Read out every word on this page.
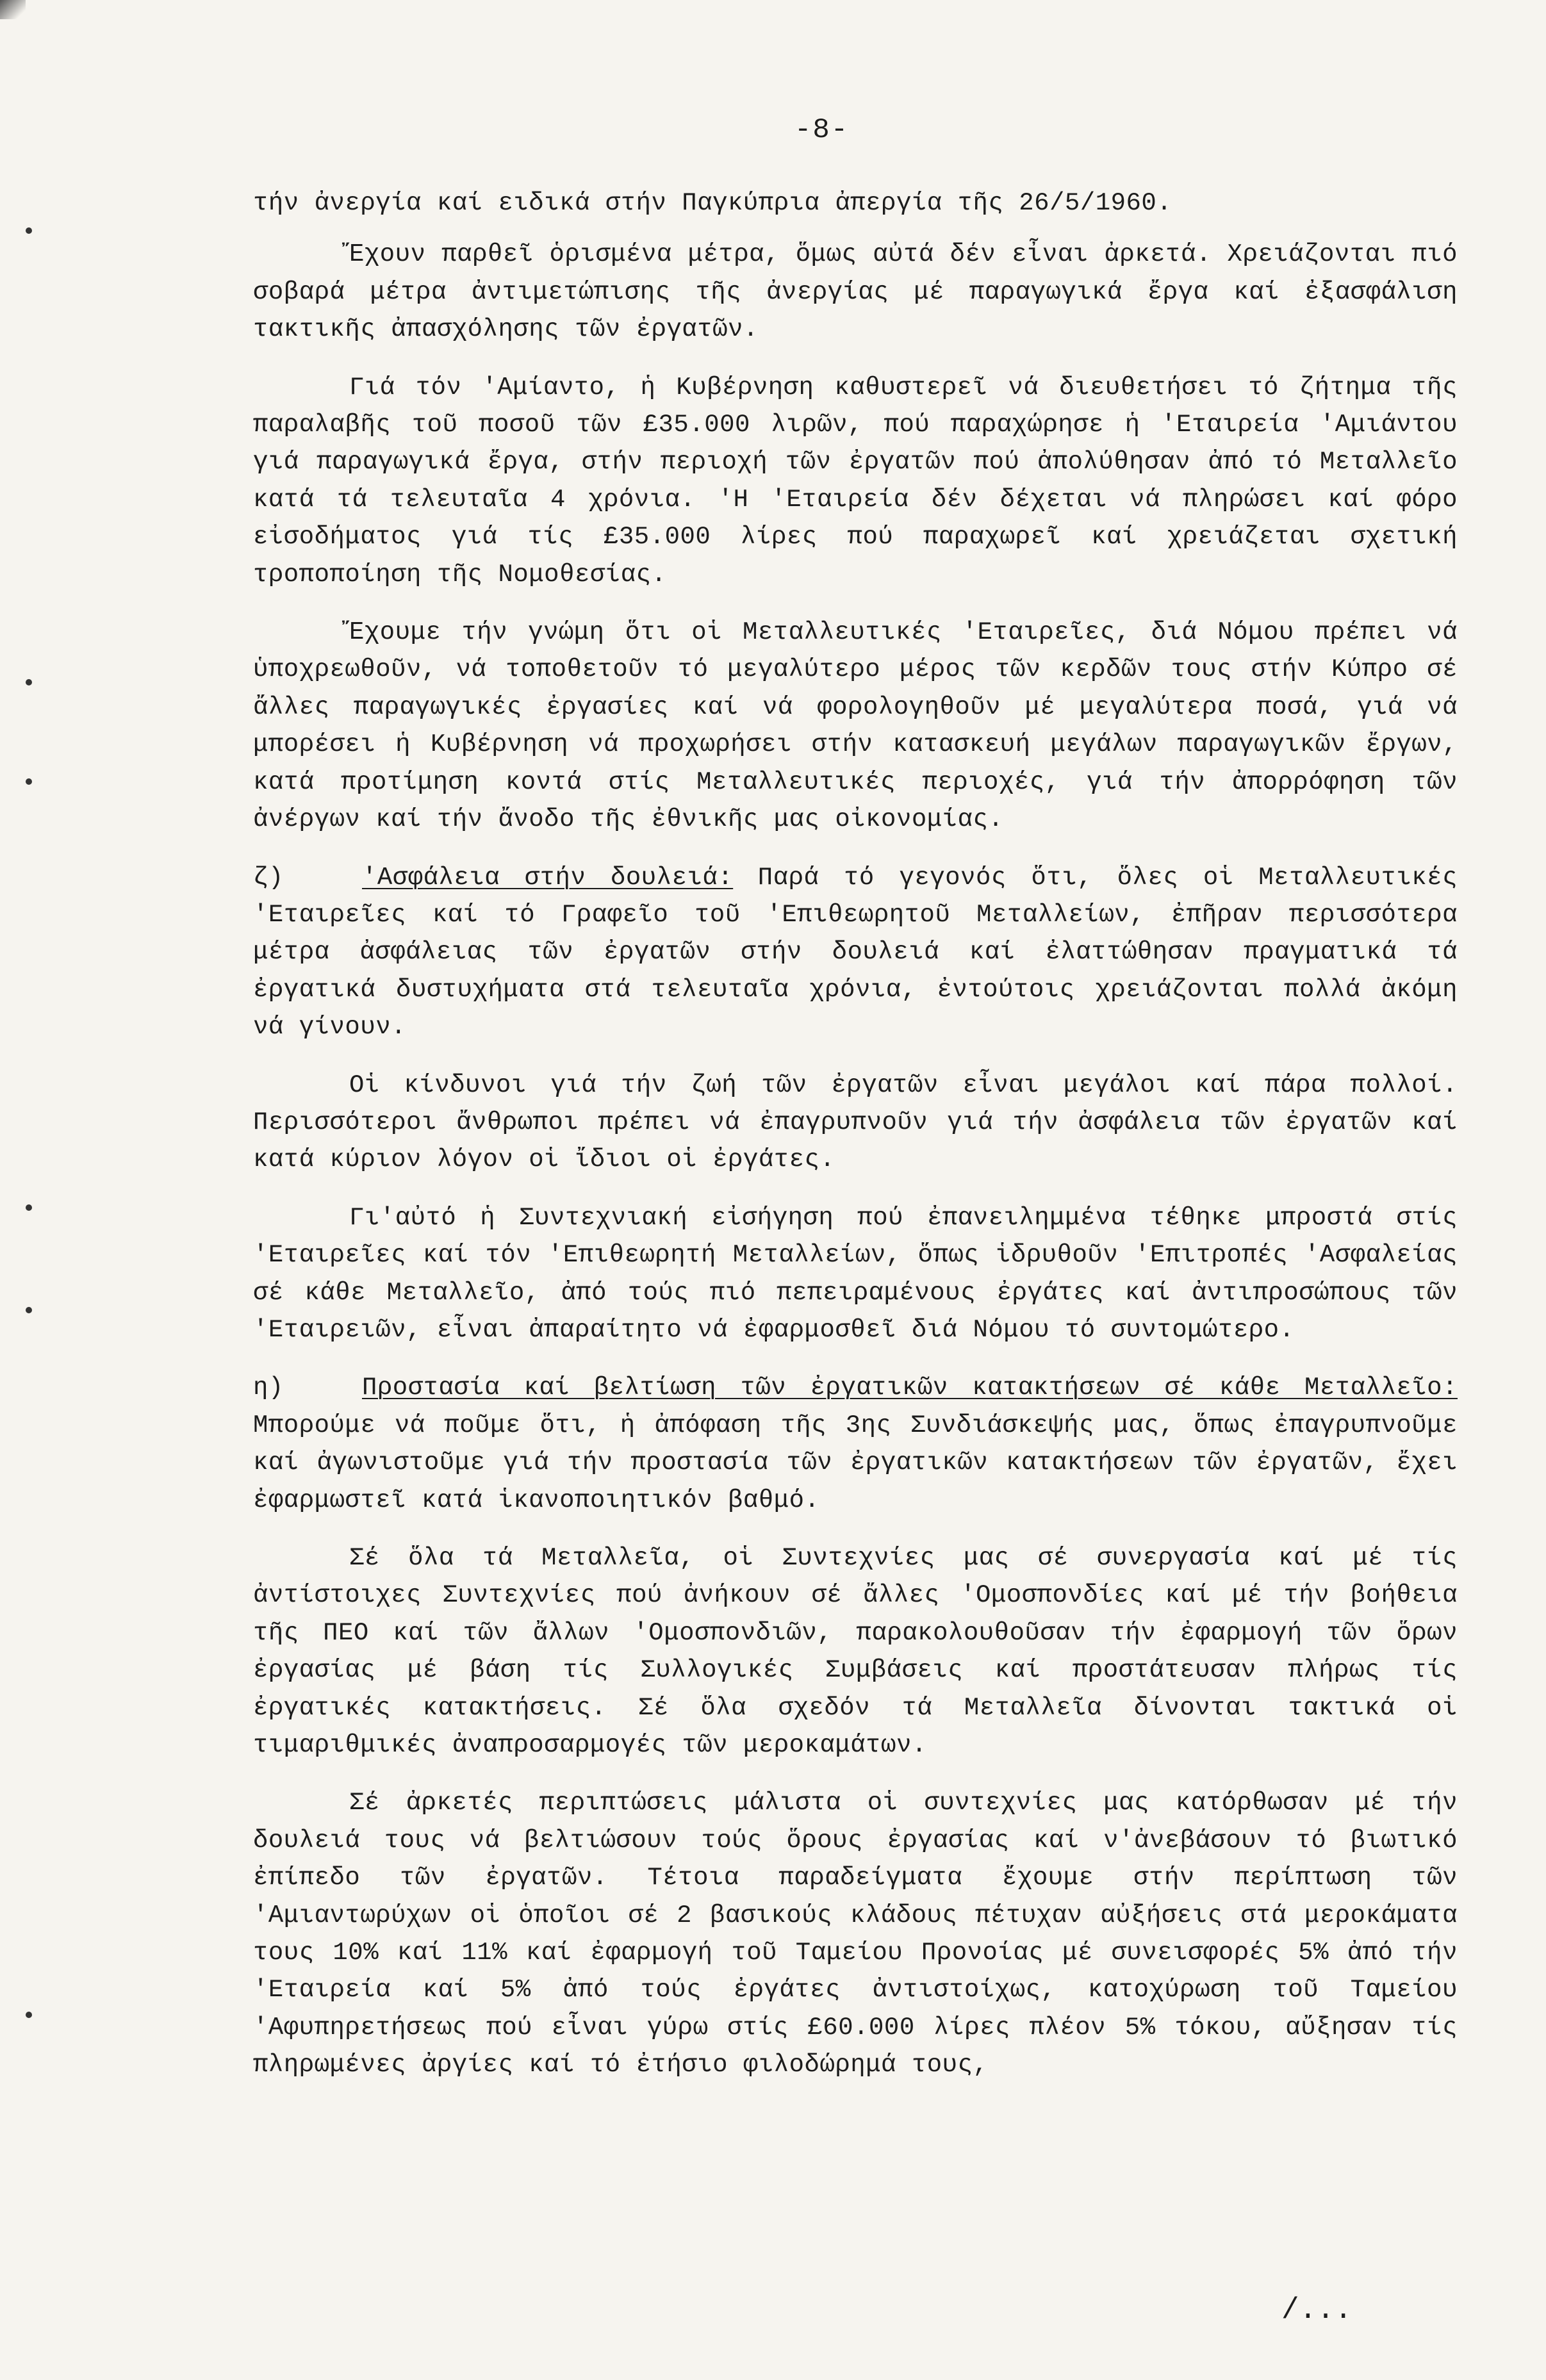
-8-

τήν ἀνεργία καί ειδικά στήν Παγκύπρια ἀπεργία τῆς 26/5/1960.

Ἔχουν παρθεῖ ὁρισμένα μέτρα, ὅμως αὐτά δέν εἶναι ἀρκετά. Χρειάζονται πιό σοβαρά μέτρα ἀντιμετώπισης τῆς ἀνεργίας μέ παραγωγικά ἔργα καί ἐξασφάλιση τακτικῆς ἀπασχόλησης τῶν ἐργατῶν.

Γιά τόν 'Αμίαντο, ἡ Κυβέρνηση καθυστερεῖ νά διευθετήσει τό ζήτημα τῆς παραλαβῆς τοῦ ποσοῦ τῶν £35.000 λιρῶν, πού παραχώρησε ἡ 'Εταιρεία 'Αμιάντου γιά παραγωγικά ἔργα, στήν περιοχή τῶν ἐργατῶν πού ἀπολύθησαν ἀπό τό Μεταλλεῖο κατά τά τελευταῖα 4 χρόνια. 'Η 'Εταιρεία δέν δέχεται νά πληρώσει καί φόρο εἰσοδήματος γιά τίς £35.000 λίρες πού παραχωρεῖ καί χρειάζεται σχετική τροποποίηση τῆς Νομοθεσίας.

Ἔχουμε τήν γνώμη ὅτι οἱ Μεταλλευτικές 'Εταιρεῖες, διά Νόμου πρέπει νά ὑποχρεωθοῦν, νά τοποθετοῦν τό μεγαλύτερο μέρος τῶν κερδῶν τους στήν Κύπρο σέ ἄλλες παραγωγικές ἐργασίες καί νά φορολογηθοῦν μέ μεγαλύτερα ποσά, γιά νά μπορέσει ἡ Κυβέρνηση νά προχωρήσει στήν κατασκευή μεγάλων παραγωγικῶν ἔργων, κατά προτίμηση κοντά στίς Μεταλλευτικές περιοχές, γιά τήν ἀπορρόφηση τῶν ἀνέργων καί τήν ἄνοδο τῆς ἐθνικῆς μας οἰκονομίας.

ζ)	'Ασφάλεια στήν δουλειά: Παρά τό γεγονός ὅτι, ὅλες οἱ Μεταλλευτικές 'Εταιρεῖες καί τό Γραφεῖο τοῦ 'Επιθεωρητοῦ Μεταλλείων, ἐπῆραν περισσότερα μέτρα ἀσφάλειας τῶν ἐργατῶν στήν δουλειά καί ἐλαττώθησαν πραγματικά τά ἐργατικά δυστυχήματα στά τελευταῖα χρόνια, ἐντούτοις χρειάζονται πολλά ἀκόμη νά γίνουν.

Οἱ κίνδυνοι γιά τήν ζωή τῶν ἐργατῶν εἶναι μεγάλοι καί πάρα πολλοί. Περισσότεροι ἄνθρωποι πρέπει νά ἐπαγρυπνοῦν γιά τήν ἀσφάλεια τῶν ἐργατῶν καί κατά κύριον λόγον οἱ ἴδιοι οἱ ἐργάτες.

Γι'αὐτό ἡ Συντεχνιακή εἰσήγηση πού ἐπανειλημμένα τέθηκε μπροστά στίς 'Εταιρεῖες καί τόν 'Επιθεωρητή Μεταλλείων, ὅπως ἱδρυθοῦν 'Επιτροπές 'Ασφαλείας σέ κάθε Μεταλλεῖο, ἀπό τούς πιό πεπειραμένους ἐργάτες καί ἀντιπροσώπους τῶν 'Εταιρειῶν, εἶναι ἀπαραίτητο νά ἐφαρμοσθεῖ διά Νόμου τό συντομώτερο.

η)	Προστασία καί βελτίωση τῶν ἐργατικῶν κατακτήσεων σέ κάθε Μεταλλεῖο: Μπορούμε νά ποῦμε ὅτι, ἡ ἀπόφαση τῆς 3ης Συνδιάσκεψής μας, ὅπως ἐπαγρυπνοῦμε καί ἀγωνιστοῦμε γιά τήν προστασία τῶν ἐργατικῶν κατακτήσεων τῶν ἐργατῶν, ἔχει ἐφαρμωστεῖ κατά ἱκανοποιητικόν βαθμό.

Σέ ὅλα τά Μεταλλεῖα, οἱ Συντεχνίες μας σέ συνεργασία καί μέ τίς ἀντίστοιχες Συντεχνίες πού ἀνήκουν σέ ἄλλες 'Ομοσπονδίες καί μέ τήν βοήθεια τῆς ΠΕΟ καί τῶν ἄλλων 'Ομοσπονδιῶν, παρακολουθοῦσαν τήν ἐφαρμογή τῶν ὅρων ἐργασίας μέ βάση τίς Συλλογικές Συμβάσεις καί προστάτευσαν πλήρως τίς ἐργατικές κατακτήσεις. Σέ ὅλα σχεδόν τά Μεταλλεῖα δίνονται τακτικά οἱ τιμαριθμικές ἀναπροσαρμογές τῶν μεροκαμάτων.

Σέ ἀρκετές περιπτώσεις μάλιστα οἱ συντεχνίες μας κατόρθωσαν μέ τήν δουλειά τους νά βελτιώσουν τούς ὅρους ἐργασίας καί ν'ἀνεβάσουν τό βιωτικό ἐπίπεδο τῶν ἐργατῶν. Τέτοια παραδείγματα ἔχουμε στήν περίπτωση τῶν 'Αμιαντωρύχων οἱ ὁποῖοι σέ 2 βασικούς κλάδους πέτυχαν αὐξήσεις στά μεροκάματα τους 10% καί 11% καί ἐφαρμογή τοῦ Ταμείου Προνοίας μέ συνεισφορές 5% ἀπό τήν 'Εταιρεία καί 5% ἀπό τούς ἐργάτες ἀντιστοίχως, κατοχύρωση τοῦ Ταμείου 'Αφυπηρετήσεως πού εἶναι γύρω στίς £60.000 λίρες πλέον 5% τόκου, αὔξησαν τίς πληρωμένες ἀργίες καί τό ἐτήσιο φιλοδώρημά τους,

/...
